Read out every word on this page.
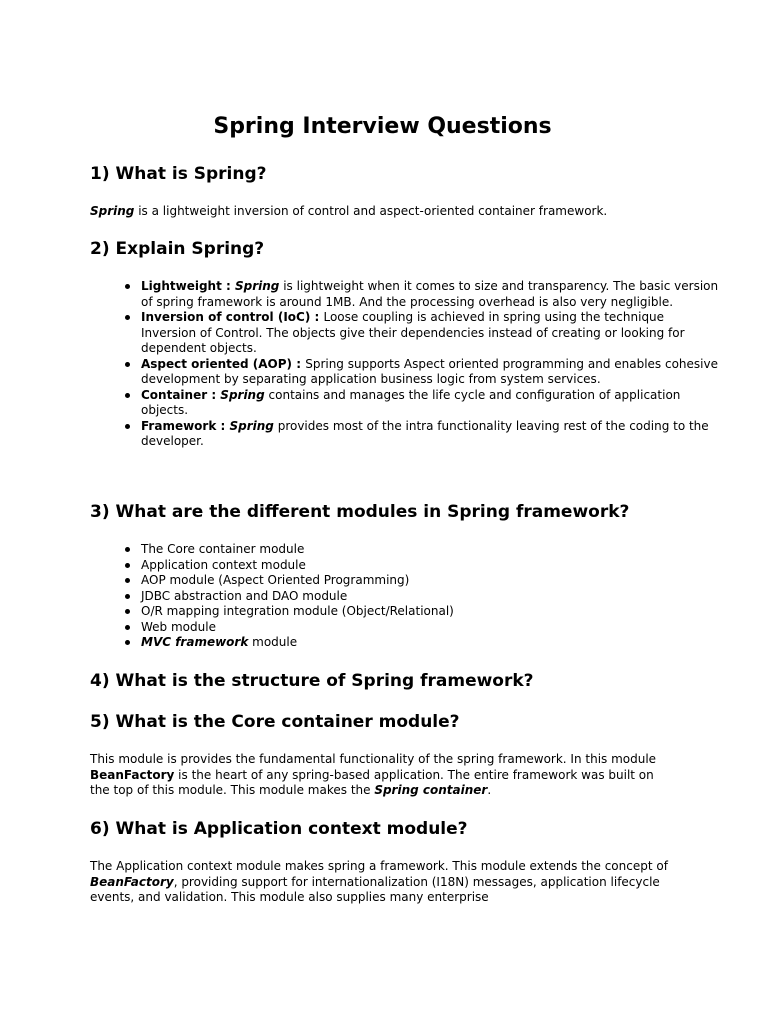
Spring Interview Questions
1) What is Spring?

Spring is a lightweight inversion of control and aspect-oriented container framework.

2) Explain Spring?
Lightweight : Spring is lightweight when it comes to size and transparency. The basic version of spring framework is around 1MB. And the processing overhead is also very negligible.
Inversion of control (IoC) : Loose coupling is achieved in spring using the technique Inversion of Control. The objects give their dependencies instead of creating or looking for dependent objects.
Aspect oriented (AOP) : Spring supports Aspect oriented programming and enables cohesive development by separating application business logic from system services.
Container : Spring contains and manages the life cycle and configuration of application objects.
Framework : Spring provides most of the intra functionality leaving rest of the coding to the developer.
3) What are the different modules in Spring framework?
The Core container module
Application context module
AOP module (Aspect Oriented Programming)
JDBC abstraction and DAO module
O/R mapping integration module (Object/Relational)
Web module
MVC framework module
4) What is the structure of Spring framework?
5) What is the Core container module?

This module is provides the fundamental functionality of the spring framework. In this module BeanFactory is the heart of any spring-based application. The entire framework was built on the top of this module. This module makes the Spring container.

6) What is Application context module?

The Application context module makes spring a framework. This module extends the concept of BeanFactory, providing support for internationalization (I18N) messages, application lifecycle events, and validation. This module also supplies many enterprise
